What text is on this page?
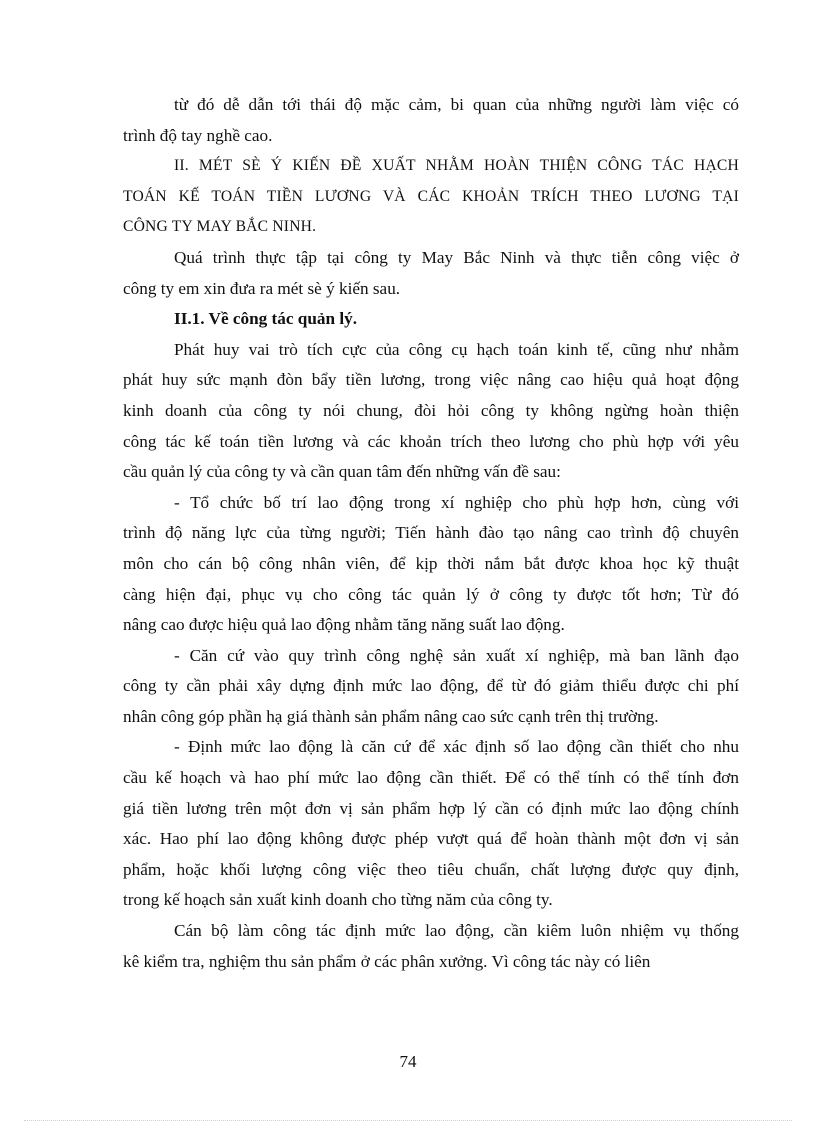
từ đó dễ dẫn tới thái độ mặc cảm, bi quan của những người làm việc có
trình độ tay nghề cao.
II. MÉT SÈ Ý KIẾN ĐỀ XUẤT NHẰM HOÀN THIỆN CÔNG TÁC HẠCH
TOÁN KẾ TOÁN TIỀN LƯƠNG VÀ CÁC KHOẢN TRÍCH THEO LƯƠNG TẠI
CÔNG TY MAY BẮC NINH.
Quá trình thực tập tại công ty May Bắc Ninh và thực tiễn công việc ở
công ty em xin đưa ra mét sè ý kiến sau.
II.1. Về công tác quản lý.
Phát huy vai trò tích cực của công cụ hạch toán kinh tế, cũng như nhằm
phát huy sức mạnh đòn bẩy tiền lương, trong việc nâng cao hiệu quả hoạt động
kinh doanh của công ty nói chung, đòi hỏi công ty không ngừng hoàn thiện
công tác kế toán tiền lương và các khoản trích theo lương cho phù hợp với yêu
cầu quản lý của công ty và cần quan tâm đến những vấn đề sau:
- Tổ chức bố trí lao động trong xí nghiệp cho phù hợp hơn, cùng với
trình độ năng lực của từng người; Tiến hành đào tạo nâng cao trình độ chuyên
môn cho cán bộ công nhân viên, để kịp thời nắm bắt được khoa học kỹ thuật
càng hiện đại, phục vụ cho công tác quản lý ở công ty được tốt hơn; Từ đó
nâng cao được hiệu quả lao động nhằm tăng năng suất lao động.
- Căn cứ vào quy trình công nghệ sản xuất xí nghiệp, mà ban lãnh đạo
công ty cần phải xây dựng định mức lao động, để từ đó giảm thiểu được chi phí
nhân công góp phần hạ giá thành sản phẩm nâng cao sức cạnh trên thị trường.
- Định mức lao động là căn cứ để xác định số lao động cần thiết cho nhu
cầu kế hoạch và hao phí mức lao động cần thiết. Để có thể tính có thể tính đơn
giá tiền lương trên một đơn vị sản phẩm hợp lý cần có định mức lao động chính
xác. Hao phí lao động không được phép vượt quá để hoàn thành một đơn vị sản
phẩm, hoặc khối lượng công việc theo tiêu chuẩn, chất lượng được quy định,
trong kế hoạch sản xuất kinh doanh cho từng năm của công ty.
Cán bộ làm công tác định mức lao động, cần kiêm luôn nhiệm vụ thống
kê kiểm tra, nghiệm thu sản phẩm ở các phân xưởng. Vì công tác này có liên
74
